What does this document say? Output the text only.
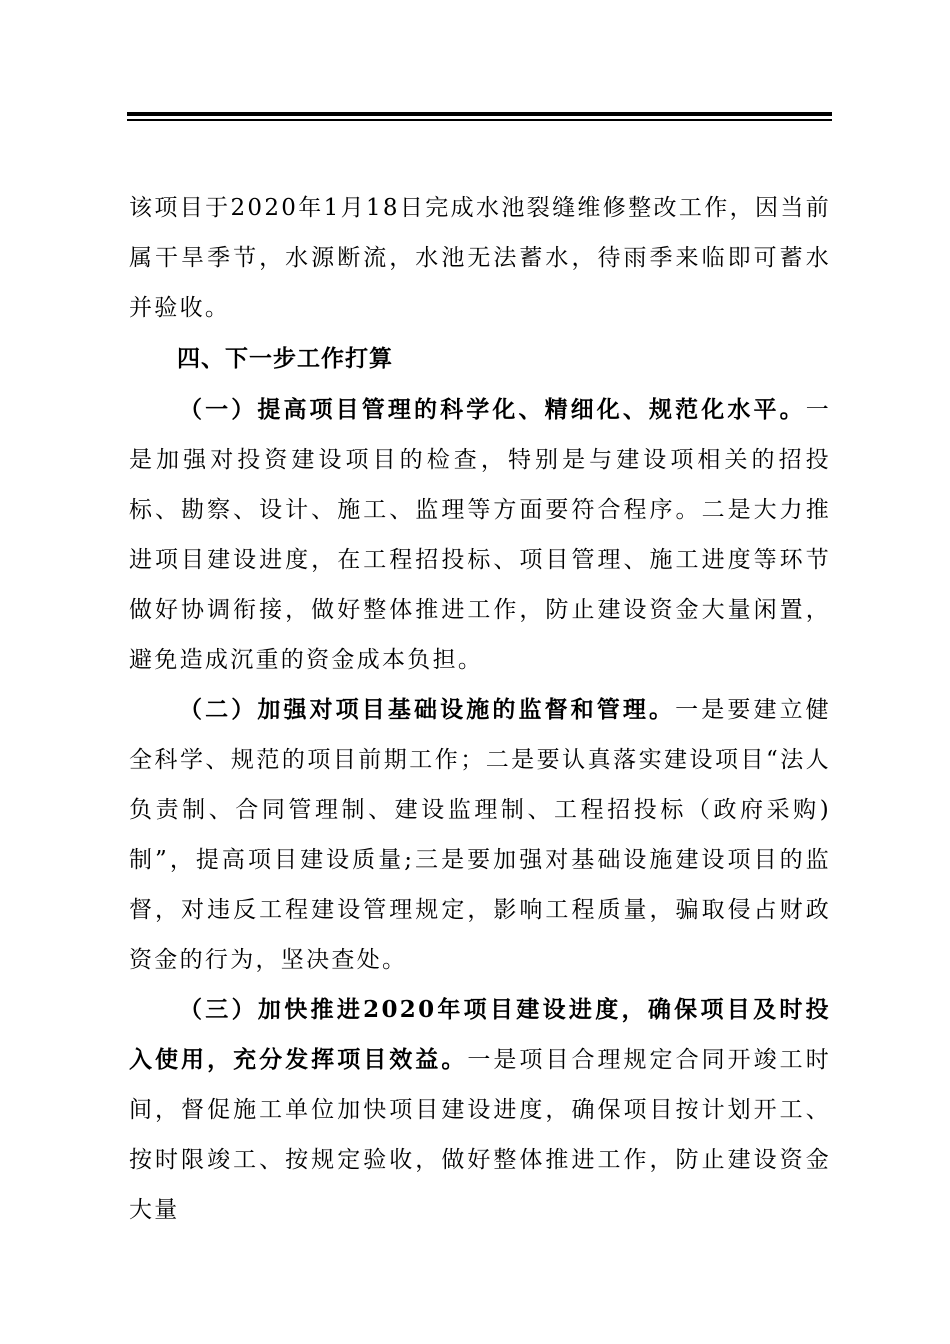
该项目于2020年1月18日完成水池裂缝维修整改工作，因当前属干旱季节，水源断流，水池无法蓄水，待雨季来临即可蓄水并验收。

四、下一步工作打算

（一）提高项目管理的科学化、精细化、规范化水平。一是加强对投资建设项目的检查，特别是与建设项相关的招投标、勘察、设计、施工、监理等方面要符合程序。二是大力推进项目建设进度，在工程招投标、项目管理、施工进度等环节做好协调衔接，做好整体推进工作，防止建设资金大量闲置，避免造成沉重的资金成本负担。

（二）加强对项目基础设施的监督和管理。一是要建立健全科学、规范的项目前期工作；二是要认真落实建设项目“法人负责制、合同管理制、建设监理制、工程招投标（政府采购)制”，提高项目建设质量;三是要加强对基础设施建设项目的监督，对违反工程建设管理规定，影响工程质量，骗取侵占财政资金的行为，坚决查处。

（三）加快推进2020年项目建设进度，确保项目及时投入使用，充分发挥项目效益。一是项目合理规定合同开竣工时间，督促施工单位加快项目建设进度，确保项目按计划开工、按时限竣工、按规定验收，做好整体推进工作，防止建设资金大量
